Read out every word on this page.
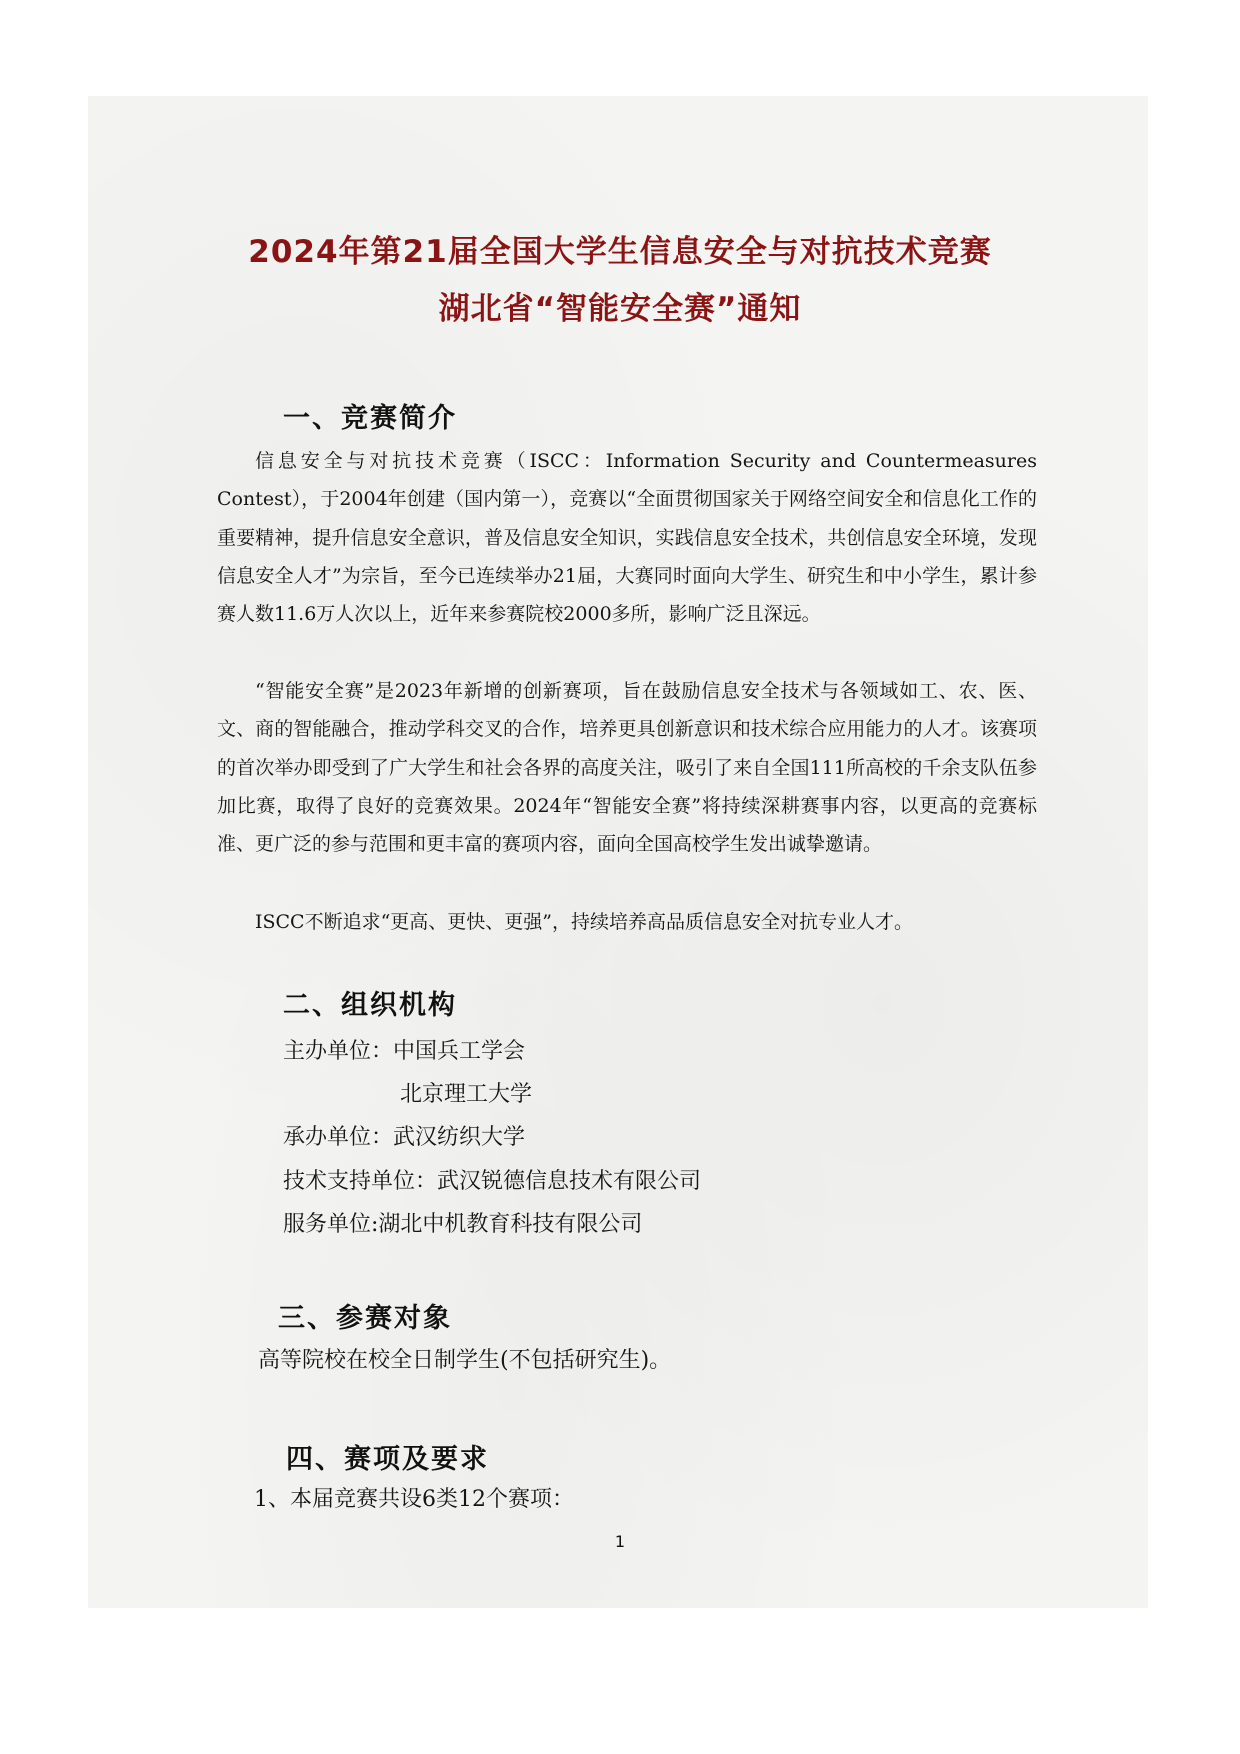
2024年第21届全国大学生信息安全与对抗技术竞赛
湖北省“智能安全赛”通知
一、竞赛简介
信息安全与对抗技术竞赛（ISCC：Information Security and Countermeasures Contest），于2004年创建（国内第一），竞赛以“全面贯彻国家关于网络空间安全和信息化工作的重要精神，提升信息安全意识，普及信息安全知识，实践信息安全技术，共创信息安全环境，发现信息安全人才”为宗旨，至今已连续举办21届，大赛同时面向大学生、研究生和中小学生，累计参赛人数11.6万人次以上，近年来参赛院校2000多所，影响广泛且深远。
“智能安全赛”是2023年新增的创新赛项，旨在鼓励信息安全技术与各领域如工、农、医、文、商的智能融合，推动学科交叉的合作，培养更具创新意识和技术综合应用能力的人才。该赛项的首次举办即受到了广大学生和社会各界的高度关注，吸引了来自全国111所高校的千余支队伍参加比赛，取得了良好的竞赛效果。2024年“智能安全赛”将持续深耕赛事内容，以更高的竞赛标准、更广泛的参与范围和更丰富的赛项内容，面向全国高校学生发出诚挚邀请。
ISCC不断追求“更高、更快、更强”，持续培养高品质信息安全对抗专业人才。
二、组织机构
主办单位：中国兵工学会
北京理工大学
承办单位：武汉纺织大学
技术支持单位：武汉锐德信息技术有限公司
服务单位:湖北中机教育科技有限公司
三、参赛对象
高等院校在校全日制学生(不包括研究生)。
四、赛项及要求
1、本届竞赛共设6类12个赛项：
1
